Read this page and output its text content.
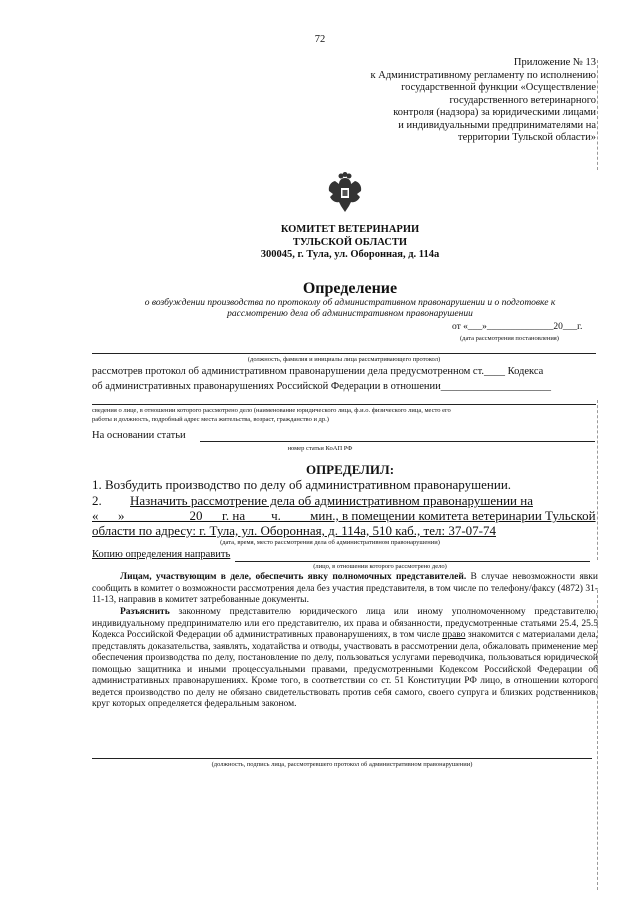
72
Приложение № 13
к Административному регламенту по исполнению
государственной функции «Осуществление
государственного ветеринарного
контроля (надзора) за юридическими лицами
и индивидуальными предпринимателями на
территории Тульской области»
КОМИТЕТ ВЕТЕРИНАРИИ
ТУЛЬСКОЙ ОБЛАСТИ
300045, г. Тула, ул. Оборонная, д. 114а
Определение
о возбуждении производства по протоколу об административном правонарушении и о подготовке к
рассмотрению дела об административном правонарушении
от «___»______________20___г.
(дата рассмотрения постановления)
(должность, фамилия и инициалы лица рассматривающего протокол)
рассмотрев протокол об административном правонарушении дела предусмотренном ст.____ Кодекса
об административных правонарушениях Российской Федерации в отношении_____________________
сведения о лице, в отношении которого рассмотрено дело (наименование юридического лица, ф.и.о. физического лица, место его
работы и должность, подробный адрес места жительства, возраст, гражданство и др.)
На основании статьи
номер статьи КоАП РФ
ОПРЕДЕЛИЛ:
1. Возбудить производство по делу об административном правонарушении.
2.	Назначить рассмотрение дела об административном правонарушении на
«___»__________20___г. на ___ ч. ____мин., в помещении комитета ветеринарии Тульской
области по адресу: г. Тула, ул. Оборонная, д. 114а, 510 каб., тел: 37-07-74
(дата, время, место рассмотрения дела об административном правонарушении)
Копию определения направить
(лицо, в отношении которого рассмотрено дело)
Лицам, участвующим в деле, обеспечить явку полномочных представителей. В случае невозможности явки сообщить в комитет о возможности рассмотрения дела без участия представителя, в том числе по телефону/факсу (4872) 31-11-13, направив в комитет затребованные документы.
Разъяснить законному представителю юридического лица или иному уполномоченному представителю, индивидуальному предпринимателю или его представителю, их права и обязанности, предусмотренные статьями 25.4, 25.5 Кодекса Российской Федерации об административных правонарушениях, в том числе право знакомится с материалами дела, представлять доказательства, заявлять, ходатайства и отводы, участвовать в рассмотрении дела, обжаловать применение мер обеспечения производства по делу, постановление по делу, пользоваться услугами переводчика, пользоваться юридической помощью защитника и иными процессуальными правами, предусмотренными Кодексом Российской Федерации об административных правонарушениях. Кроме того, в соответствии со ст. 51 Конституции РФ лицо, в отношении которого ведется производство по делу не обязано свидетельствовать против себя самого, своего супруга и близких родственников, круг которых определяется федеральным законом.
(должность, подпись лица, рассмотревшего протокол об административном правонарушении)
